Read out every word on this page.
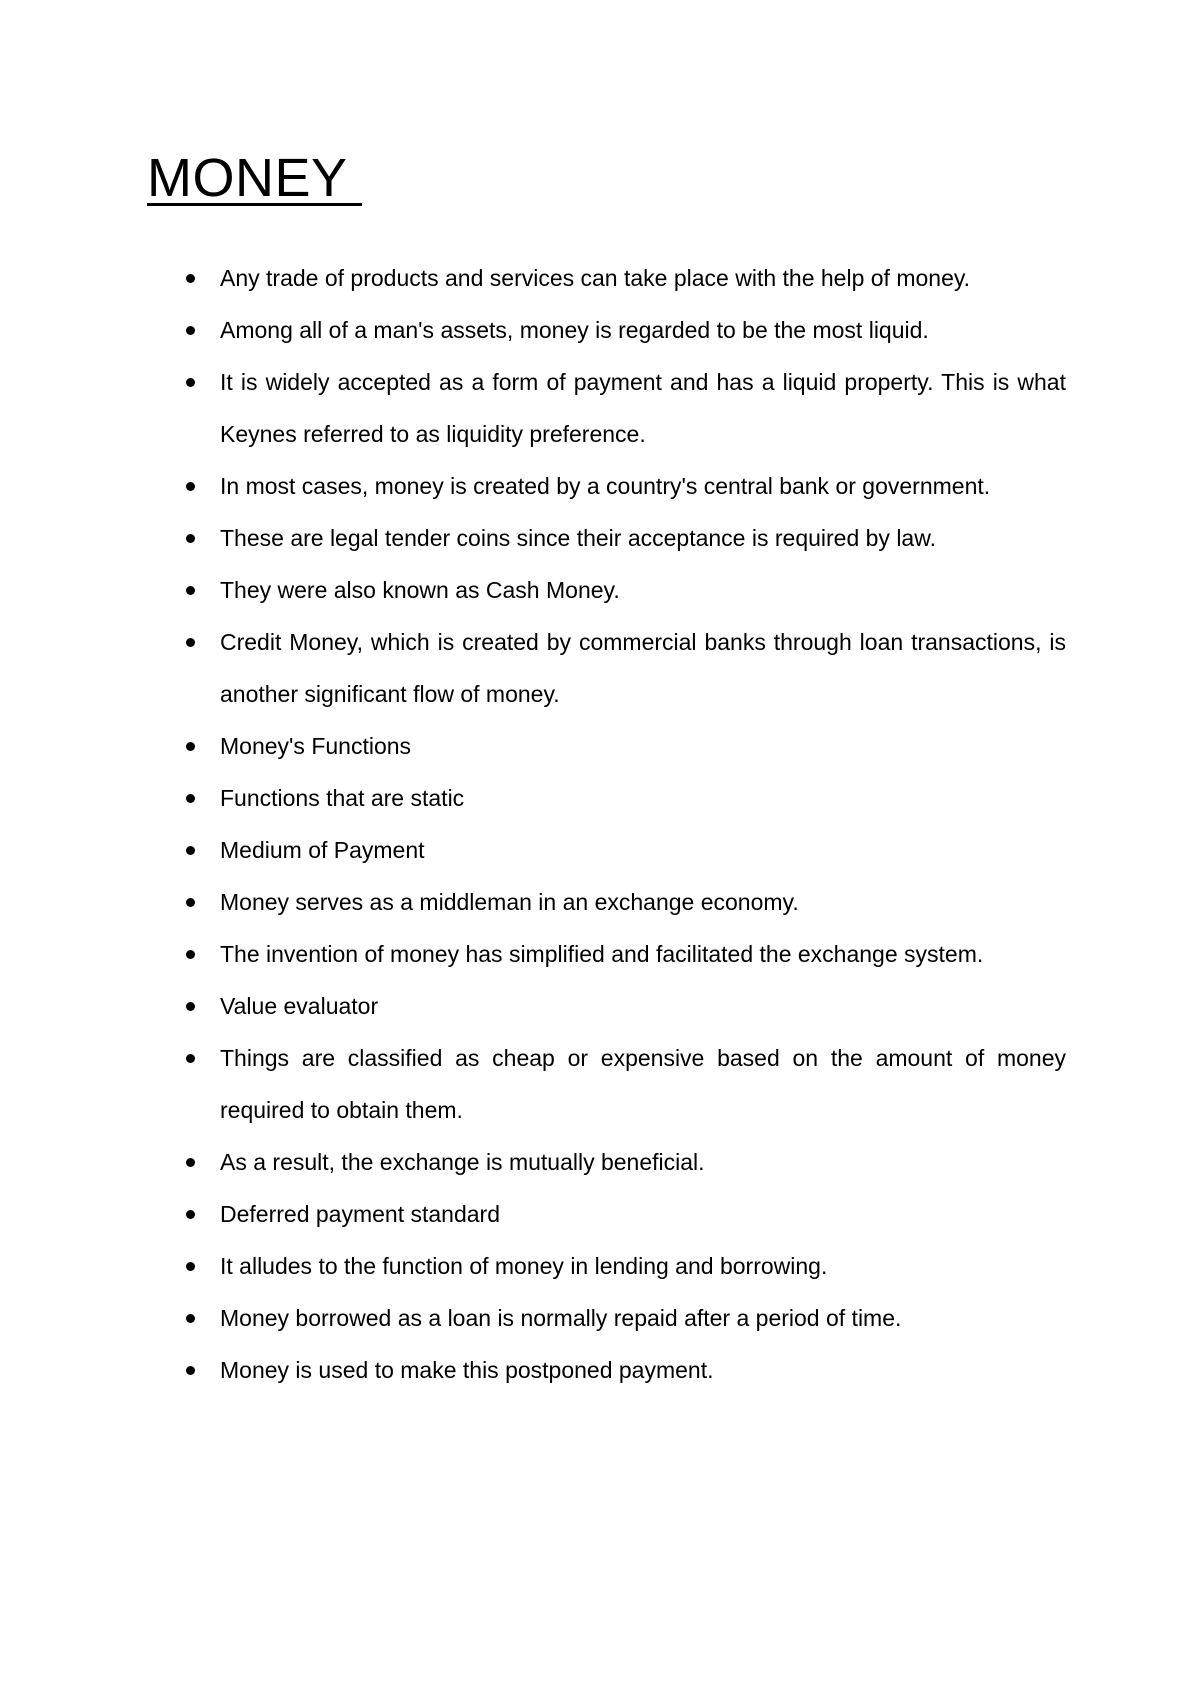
MONEY
Any trade of products and services can take place with the help of money.
Among all of a man's assets, money is regarded to be the most liquid.
It is widely accepted as a form of payment and has a liquid property. This is what Keynes referred to as liquidity preference.
In most cases, money is created by a country's central bank or government.
These are legal tender coins since their acceptance is required by law.
They were also known as Cash Money.
Credit Money, which is created by commercial banks through loan transactions, is another significant flow of money.
Money's Functions
Functions that are static
Medium of Payment
Money serves as a middleman in an exchange economy.
The invention of money has simplified and facilitated the exchange system.
Value evaluator
Things are classified as cheap or expensive based on the amount of money required to obtain them.
As a result, the exchange is mutually beneficial.
Deferred payment standard
It alludes to the function of money in lending and borrowing.
Money borrowed as a loan is normally repaid after a period of time.
Money is used to make this postponed payment.
